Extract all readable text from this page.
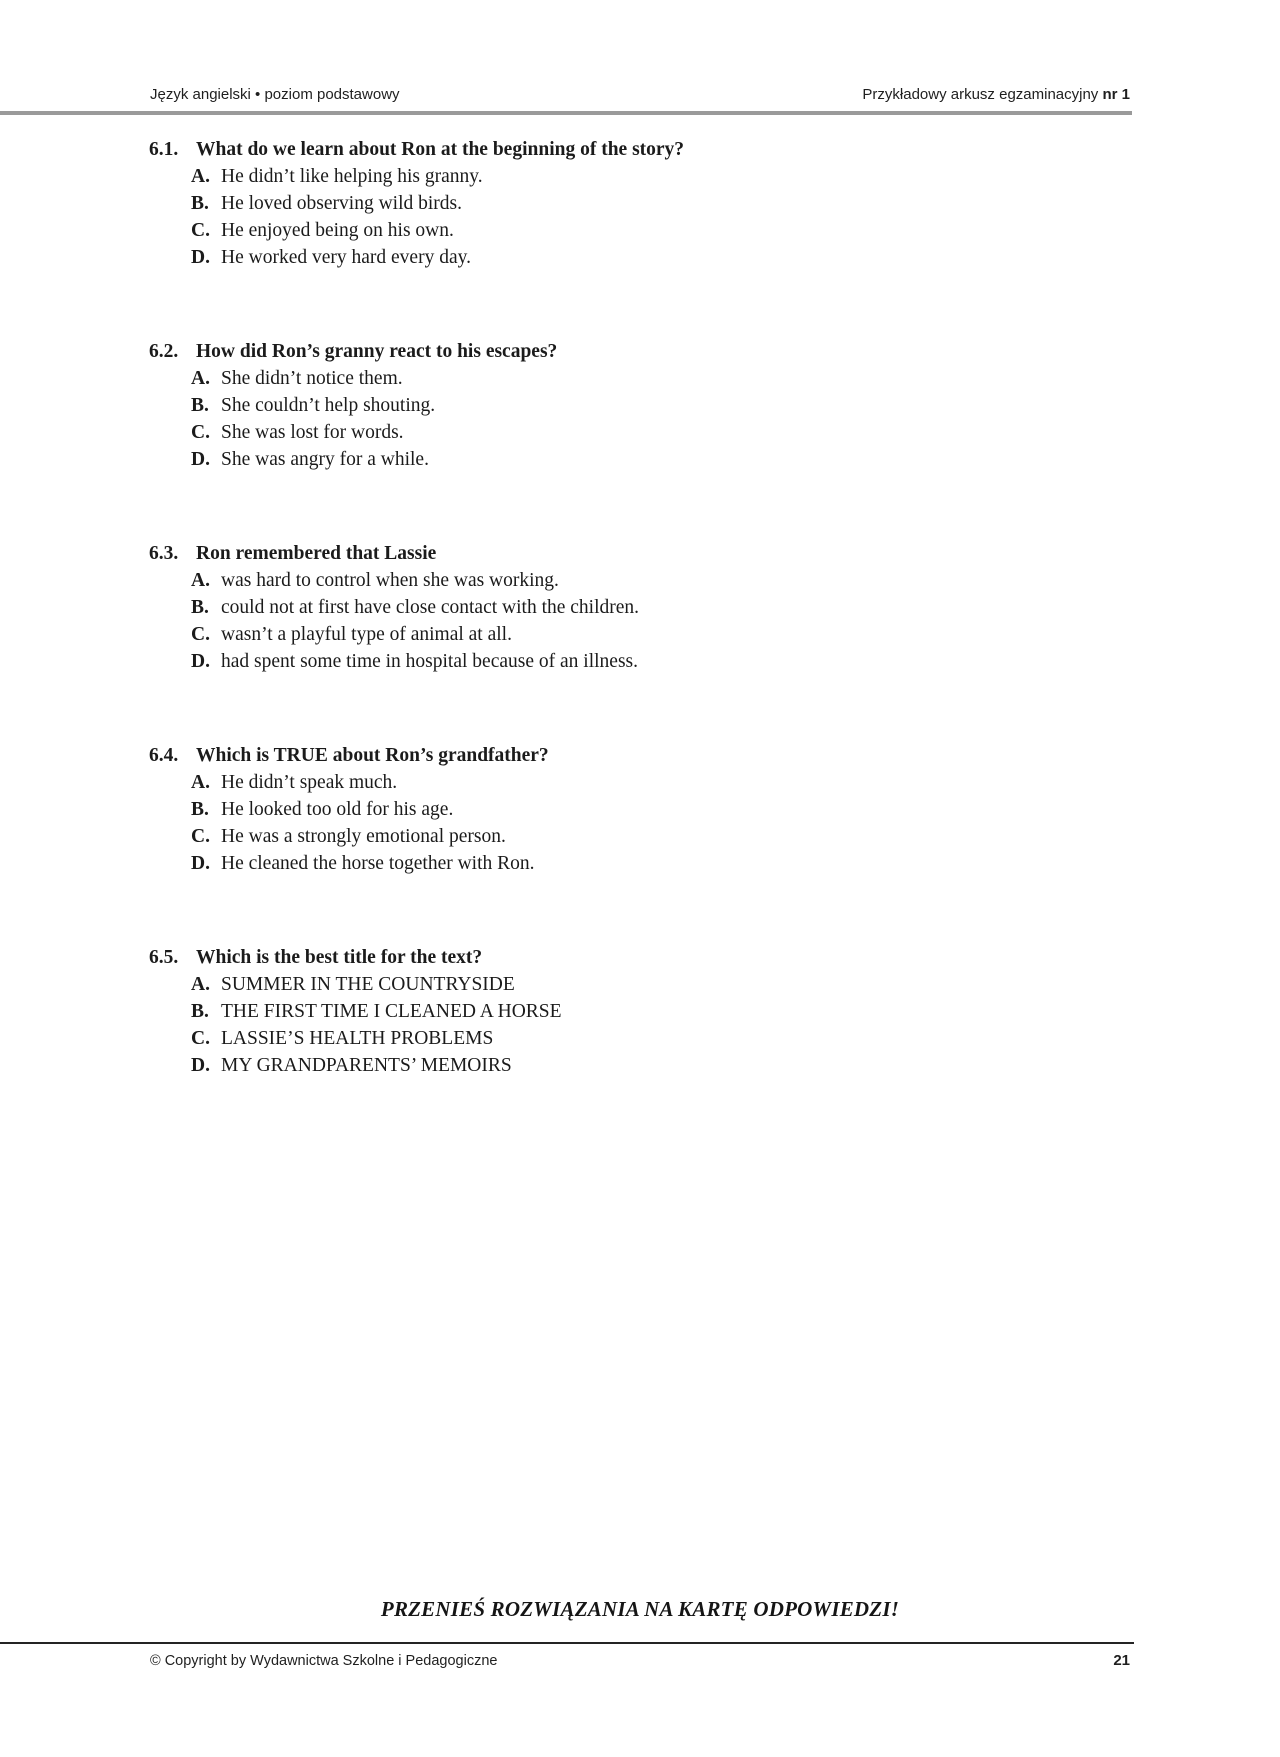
Język angielski • poziom podstawowy	Przykładowy arkusz egzaminacyjny nr 1
6.1. What do we learn about Ron at the beginning of the story?
A. He didn’t like helping his granny.
B. He loved observing wild birds.
C. He enjoyed being on his own.
D. He worked very hard every day.
6.2. How did Ron’s granny react to his escapes?
A. She didn’t notice them.
B. She couldn’t help shouting.
C. She was lost for words.
D. She was angry for a while.
6.3. Ron remembered that Lassie
A. was hard to control when she was working.
B. could not at first have close contact with the children.
C. wasn’t a playful type of animal at all.
D. had spent some time in hospital because of an illness.
6.4. Which is TRUE about Ron’s grandfather?
A. He didn’t speak much.
B. He looked too old for his age.
C. He was a strongly emotional person.
D. He cleaned the horse together with Ron.
6.5. Which is the best title for the text?
A. SUMMER IN THE COUNTRYSIDE
B. THE FIRST TIME I CLEANED A HORSE
C. LASSIE’S HEALTH PROBLEMS
D. MY GRANDPARENTS’ MEMOIRS
PRZENIEŚ ROZWIĄZANIA NA KARTĘ ODPOWIEDZI!
© Copyright by Wydawnictwa Szkolne i Pedagogiczne	21
